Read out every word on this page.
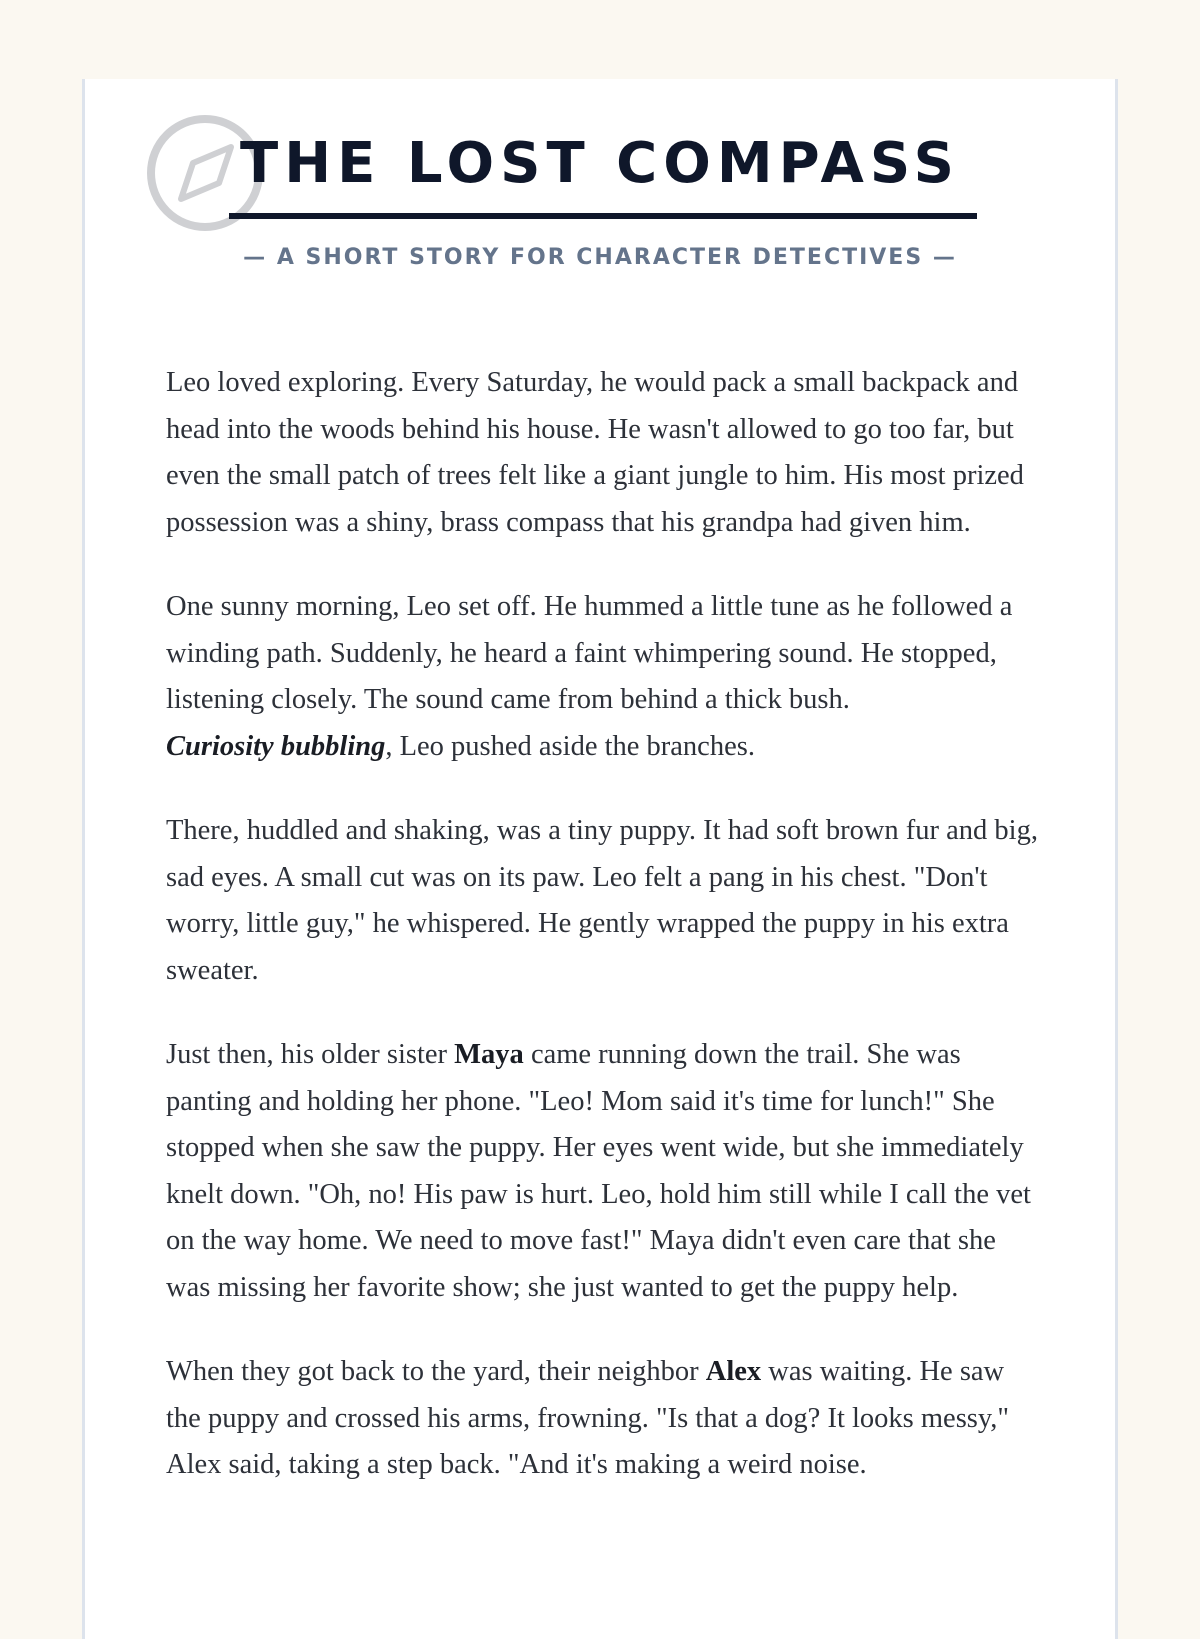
THE LOST COMPASS
— A SHORT STORY FOR CHARACTER DETECTIVES —

Leo loved exploring. Every Saturday, he would pack a small backpack and head into the woods behind his house. He wasn't allowed to go too far, but even the small patch of trees felt like a giant jungle to him. His most prized possession was a shiny, brass compass that his grandpa had given him.

One sunny morning, Leo set off. He hummed a little tune as he followed a winding path. Suddenly, he heard a faint whimpering sound. He stopped, listening closely. The sound came from behind a thick bush.
Curiosity bubbling, Leo pushed aside the branches.

There, huddled and shaking, was a tiny puppy. It had soft brown fur and big, sad eyes. A small cut was on its paw. Leo felt a pang in his chest. "Don't worry, little guy," he whispered. He gently wrapped the puppy in his extra sweater.

Just then, his older sister Maya came running down the trail. She was panting and holding her phone. "Leo! Mom said it's time for lunch!" She stopped when she saw the puppy. Her eyes went wide, but she immediately knelt down. "Oh, no! His paw is hurt. Leo, hold him still while I call the vet on the way home. We need to move fast!" Maya didn't even care that she was missing her favorite show; she just wanted to get the puppy help.

When they got back to the yard, their neighbor Alex was waiting. He saw the puppy and crossed his arms, frowning. "Is that a dog? It looks messy," Alex said, taking a step back. "And it's making a weird noise.
